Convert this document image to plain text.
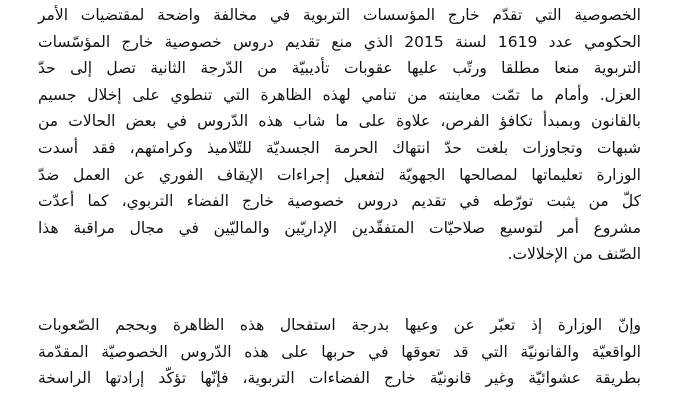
الخصوصية التي تقدّم خارج المؤسسات التربوية في مخالفة واضحة لمقتضيات الأمر
الحكومي عدد 1619 لسنة 2015 الذي منع تقديم دروس خصوصية خارج المؤسّسات
التربوية منعا مطلقا ورتّب عليها عقوبات تأديبيّة من الدّرجة الثانية تصل إلى حدّ
العزل. وأمام ما تمّت معاينته من تنامي لهذه الظاهرة التي تنطوي على إخلال جسيم
بالقانون وبمبدأ تكافؤ الفرص، علاوة على ما شاب هذه الدّروس في بعض الحالات من
شبهات وتجاوزات بلغت حدّ انتهاك الحرمة الجسديّة للتّلاميذ وكرامتهم، فقد أسدت
الوزارة تعليماتها لمصالحها الجهويّة لتفعيل إجراءات الإيقاف الفوري عن العمل ضدّ
كلّ من يثبت تورّطه في تقديم دروس خصوصية خارج الفضاء التربوي، كما أعدّت
مشروع أمر لتوسيع صلاحيّات المتفقّدين الإداريّين والماليّين في مجال مراقبة هذا
الصّنف من الإخلالات.
وإنّ الوزارة إذ تعبّر عن وعيها بدرجة استفحال هذه الظاهرة وبحجم الصّعوبات
الواقعيّة والقانونيّة التي قد تعوقها في حربها على هذه الدّروس الخصوصيّة المقدّمة
بطريقة عشوائيّة وغير قانونيّة خارج الفضاءات التربوية، فإنّها تؤكّد إرادتها الراسخة
